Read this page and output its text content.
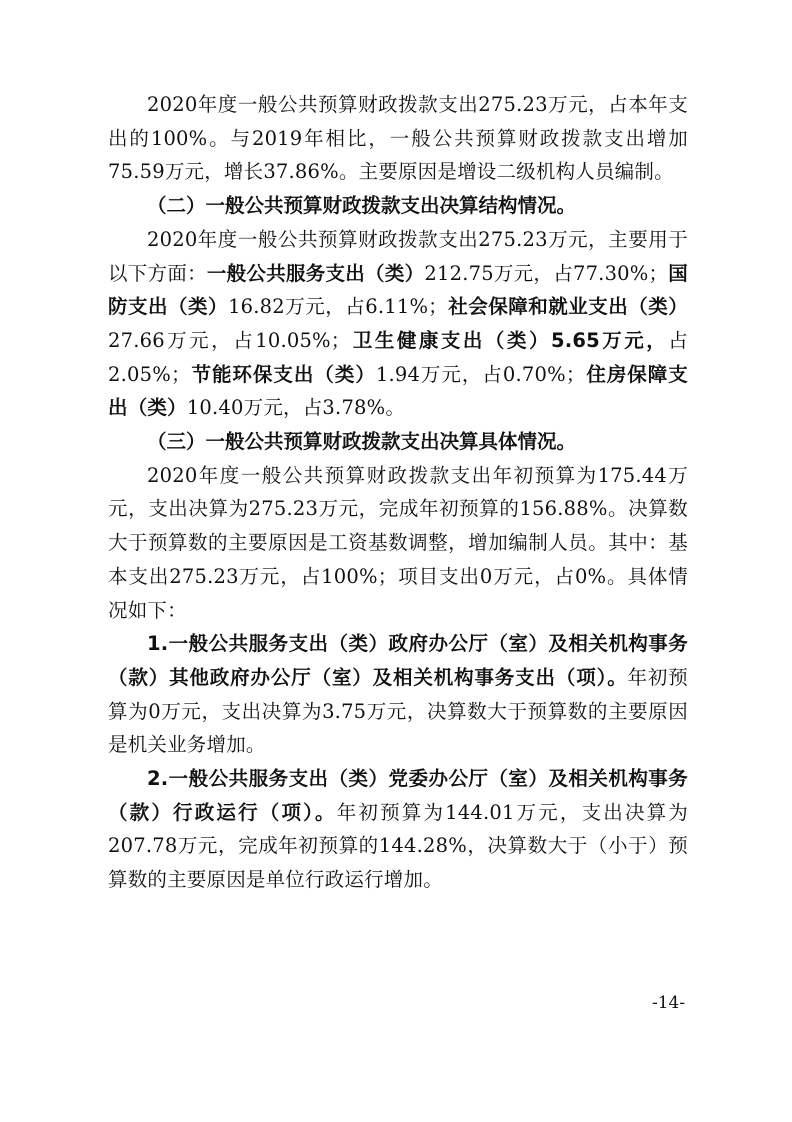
2020年度一般公共预算财政拨款支出275.23万元，占本年支出的100%。与2019年相比，一般公共预算财政拨款支出增加75.59万元，增长37.86%。主要原因是增设二级机构人员编制。

（二）一般公共预算财政拨款支出决算结构情况。

2020年度一般公共预算财政拨款支出275.23万元，主要用于以下方面：一般公共服务支出（类）212.75万元，占77.30%；国防支出（类）16.82万元，占6.11%；社会保障和就业支出（类）27.66万元，占10.05%；卫生健康支出（类）5.65万元，占2.05%；节能环保支出（类）1.94万元，占0.70%；住房保障支出（类）10.40万元，占3.78%。

（三）一般公共预算财政拨款支出决算具体情况。

2020年度一般公共预算财政拨款支出年初预算为175.44万元，支出决算为275.23万元，完成年初预算的156.88%。决算数大于预算数的主要原因是工资基数调整，增加编制人员。其中：基本支出275.23万元，占100%；项目支出0万元，占0%。具体情况如下：

1.一般公共服务支出（类）政府办公厅（室）及相关机构事务（款）其他政府办公厅（室）及相关机构事务支出（项）。年初预算为0万元，支出决算为3.75万元，决算数大于预算数的主要原因是机关业务增加。

2.一般公共服务支出（类）党委办公厅（室）及相关机构事务（款）行政运行（项）。年初预算为144.01万元，支出决算为207.78万元，完成年初预算的144.28%，决算数大于（小于）预算数的主要原因是单位行政运行增加。

-14-
